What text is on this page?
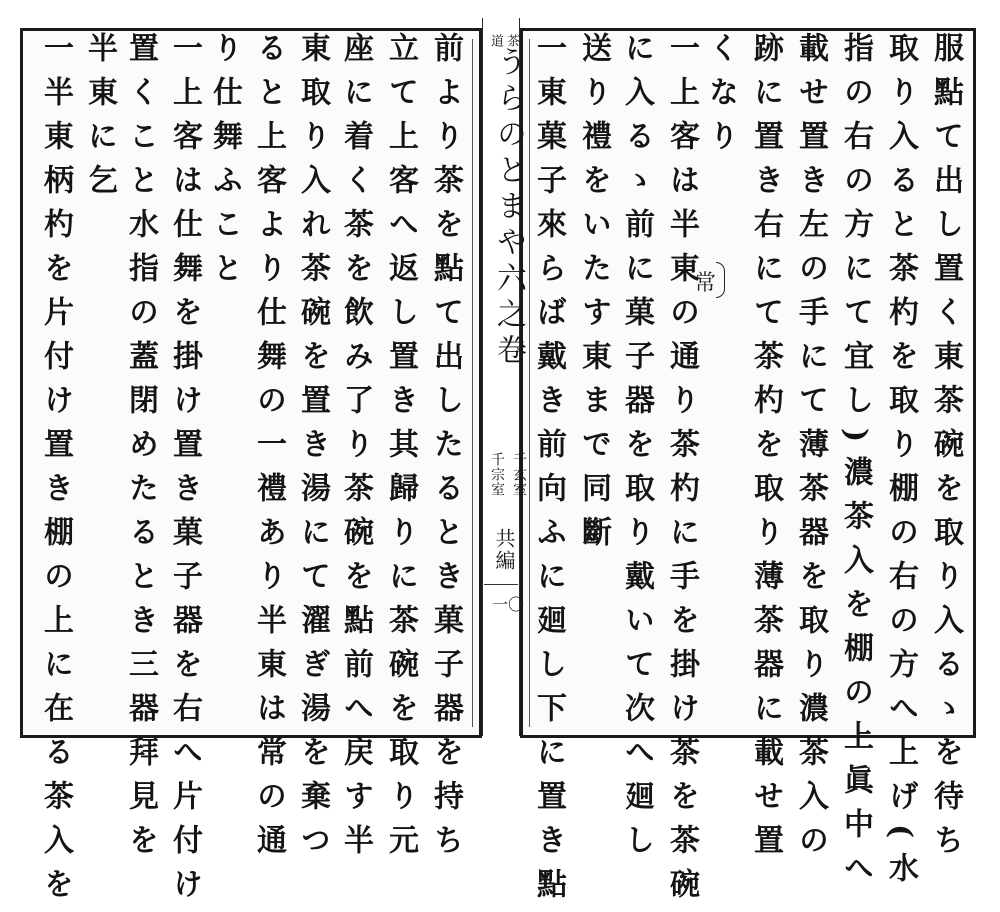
茶
道
うらのとまや六之卷
千玄室
千宗室
共編
一〇	服點て出し置く東茶碗を取り入るゝを待ち
取り入ると茶杓を取り棚の右の方へ上げ(水
指の右の方にて宜し)濃茶入を棚の上眞中へ
載せ置き左の手にて薄茶器を取り濃茶入の
跡に置き右にて茶杓を取り薄茶器に載せ置
くなり
一上客は半東の通り茶杓に手を掛け茶を茶碗
に入るゝ前に菓子器を取り戴いて次へ廻し
送り禮をいたす東まで同斷
一東菓子來らば戴き前向ふに廻し下に置き點	常
前より茶を點て出したるとき菓子器を持ち
立て上客へ返し置き其歸りに茶碗を取り元
座に着く茶を飲み了り茶碗を點前へ戻す半
東取り入れ茶碗を置き湯にて濯ぎ湯を棄つ
ると上客より仕舞の一禮あり半東は常の通
り仕舞ふこと
一上客は仕舞を掛け置き菓子器を右へ片付け
置くこと水指の蓋閉めたるとき三器拜見を
半東に乞
一半東柄杓を片付け置き棚の上に在る茶入を
